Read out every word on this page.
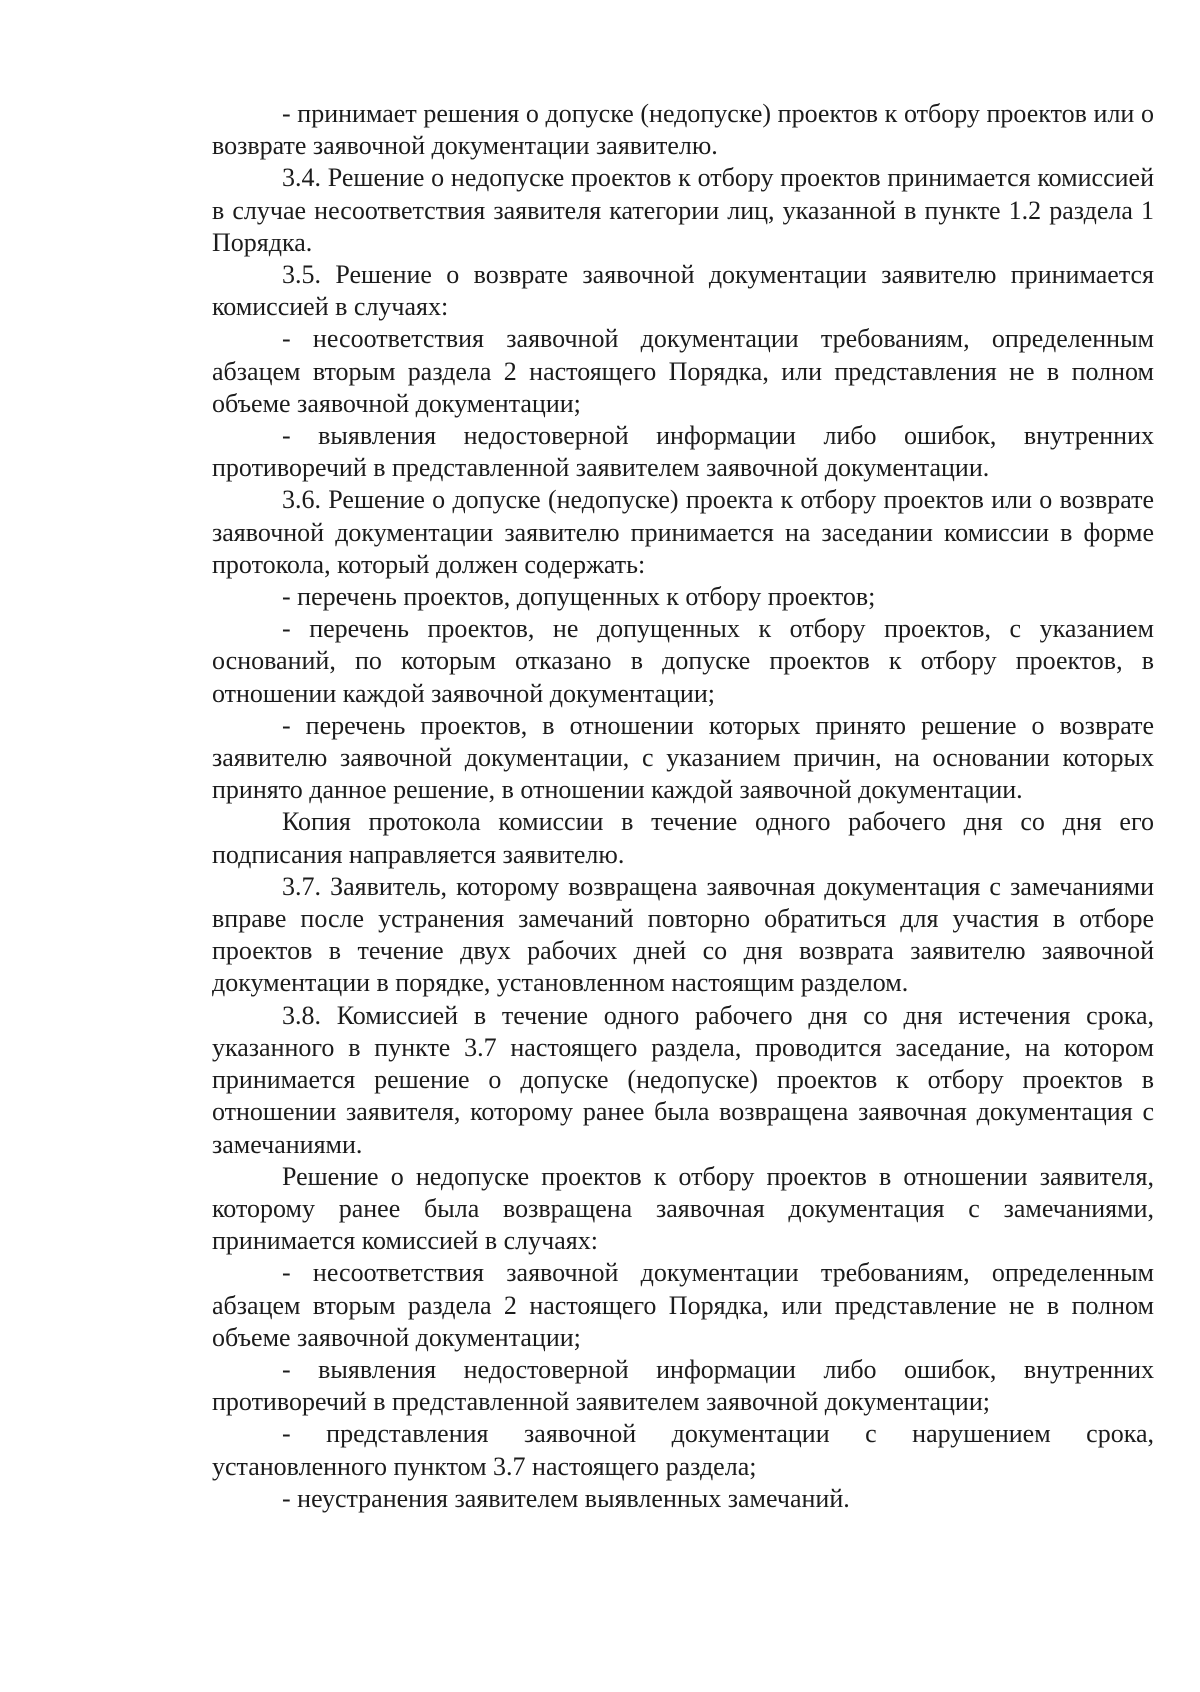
- принимает решения о допуске (недопуске) проектов к отбору проектов или о возврате заявочной документации заявителю.

3.4. Решение о недопуске проектов к отбору проектов принимается комиссией в случае несоответствия заявителя категории лиц, указанной в пункте 1.2 раздела 1 Порядка.

3.5. Решение о возврате заявочной документации заявителю принимается комиссией в случаях:

- несоответствия заявочной документации требованиям, определенным абзацем вторым раздела 2 настоящего Порядка, или представления не в полном объеме заявочной документации;

- выявления недостоверной информации либо ошибок, внутренних противоречий в представленной заявителем заявочной документации.

3.6. Решение о допуске (недопуске) проекта к отбору проектов или о возврате заявочной документации заявителю принимается на заседании комиссии в форме протокола, который должен содержать:

- перечень проектов, допущенных к отбору проектов;

- перечень проектов, не допущенных к отбору проектов, с указанием оснований, по которым отказано в допуске проектов к отбору проектов, в отношении каждой заявочной документации;

- перечень проектов, в отношении которых принято решение о возврате заявителю заявочной документации, с указанием причин, на основании которых принято данное решение, в отношении каждой заявочной документации.

Копия протокола комиссии в течение одного рабочего дня со дня его подписания направляется заявителю.

3.7. Заявитель, которому возвращена заявочная документация с замечаниями вправе после устранения замечаний повторно обратиться для участия в отборе проектов в течение двух рабочих дней со дня возврата заявителю заявочной документации в порядке, установленном настоящим разделом.

3.8. Комиссией в течение одного рабочего дня со дня истечения срока, указанного в пункте 3.7 настоящего раздела, проводится заседание, на котором принимается решение о допуске (недопуске) проектов к отбору проектов в отношении заявителя, которому ранее была возвращена заявочная документация с замечаниями.

Решение о недопуске проектов к отбору проектов в отношении заявителя, которому ранее была возвращена заявочная документация с замечаниями, принимается комиссией в случаях:

- несоответствия заявочной документации требованиям, определенным абзацем вторым раздела 2 настоящего Порядка, или представление не в полном объеме заявочной документации;

- выявления недостоверной информации либо ошибок, внутренних противоречий в представленной заявителем заявочной документации;

- представления заявочной документации с нарушением срока, установленного пунктом 3.7 настоящего раздела;

- неустранения заявителем выявленных замечаний.
